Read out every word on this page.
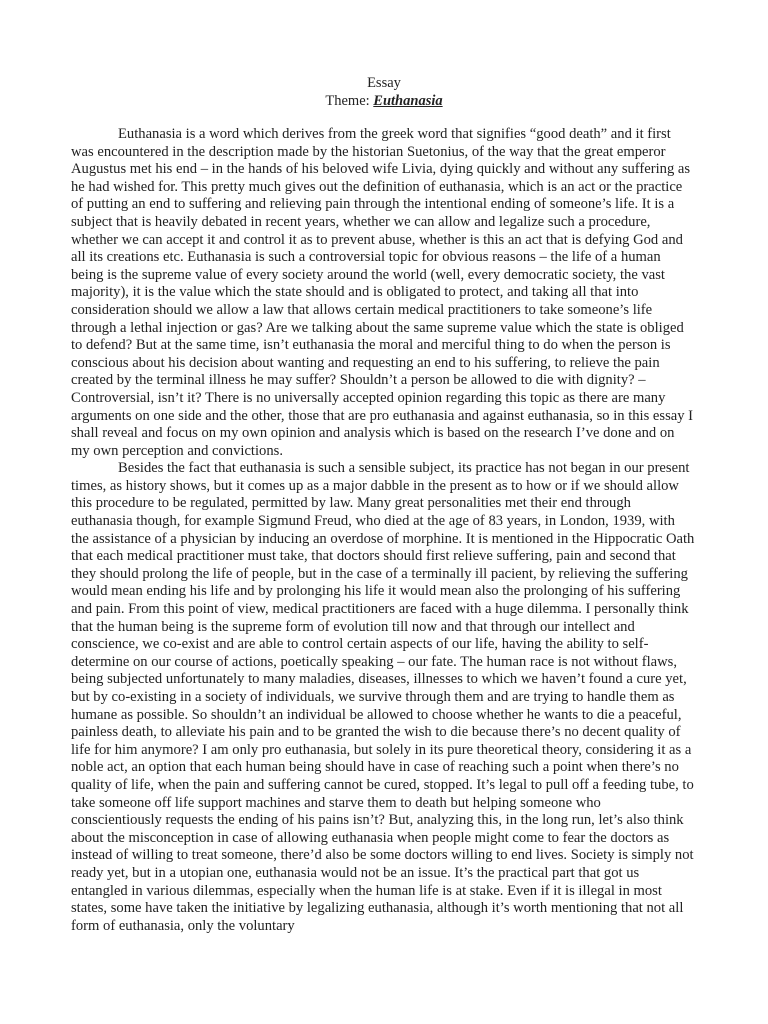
Essay
Theme: Euthanasia

Euthanasia is a word which derives from the greek word that signifies “good death” and it first was encountered in the description made by the historian Suetonius, of the way that the great emperor Augustus met his end – in the hands of his beloved wife Livia, dying quickly and without any suffering as he had wished for. This pretty much gives out the definition of euthanasia, which is an act or the practice of putting an end to suffering and relieving pain through the intentional ending of someone’s life. It is a subject that is heavily debated in recent years, whether we can allow and legalize such a procedure, whether we can accept it and control it as to prevent abuse, whether is this an act that is defying God and all its creations etc. Euthanasia is such a controversial topic for obvious reasons – the life of a human being is the supreme value of every society around the world (well, every democratic society, the vast majority), it is the value which the state should and is obligated to protect, and taking all that into consideration should we allow a law that allows certain medical practitioners to take someone’s life through a lethal injection or gas? Are we talking about the same supreme value which the state is obliged to defend? But at the same time, isn’t euthanasia the moral and merciful thing to do when the person is conscious about his decision about wanting and requesting an end to his suffering, to relieve the pain created by the terminal illness he may suffer? Shouldn’t a person be allowed to die with dignity? – Controversial, isn’t it? There is no universally accepted opinion regarding this topic as there are many arguments on one side and the other, those that are pro euthanasia and against euthanasia, so in this essay I shall reveal and focus on my own opinion and analysis which is based on the research I’ve done and on my own perception and convictions.

Besides the fact that euthanasia is such a sensible subject, its practice has not began in our present times, as history shows, but it comes up as a major dabble in the present as to how or if we should allow this procedure to be regulated, permitted by law. Many great personalities met their end through euthanasia though, for example Sigmund Freud, who died at the age of 83 years, in London, 1939, with the assistance of a physician by inducing an overdose of morphine. It is mentioned in the Hippocratic Oath that each medical practitioner must take, that doctors should first relieve suffering, pain and second that they should prolong the life of people, but in the case of a terminally ill pacient, by relieving the suffering would mean ending his life and by prolonging his life it would mean also the prolonging of his suffering and pain. From this point of view, medical practitioners are faced with a huge dilemma. I personally think that the human being is the supreme form of evolution till now and that through our intellect and conscience, we co-exist and are able to control certain aspects of our life, having the ability to self-determine on our course of actions, poetically speaking – our fate. The human race is not without flaws, being subjected unfortunately to many maladies, diseases, illnesses to which we haven’t found a cure yet, but by co-existing in a society of individuals, we survive through them and are trying to handle them as humane as possible. So shouldn’t an individual be allowed to choose whether he wants to die a peaceful, painless death, to alleviate his pain and to be granted the wish to die because there’s no decent quality of life for him anymore? I am only pro euthanasia, but solely in its pure theoretical theory, considering it as a noble act, an option that each human being should have in case of reaching such a point when there’s no quality of life, when the pain and suffering cannot be cured, stopped. It’s legal to pull off a feeding tube, to take someone off life support machines and starve them to death but helping someone who conscientiously requests the ending of his pains isn’t? But, analyzing this, in the long run, let’s also think about the misconception in case of allowing euthanasia when people might come to fear the doctors as instead of willing to treat someone, there’d also be some doctors willing to end lives. Society is simply not ready yet, but in a utopian one, euthanasia would not be an issue. It’s the practical part that got us entangled in various dilemmas, especially when the human life is at stake. Even if it is illegal in most states, some have taken the initiative by legalizing euthanasia, although it’s worth mentioning that not all form of euthanasia, only the voluntary
